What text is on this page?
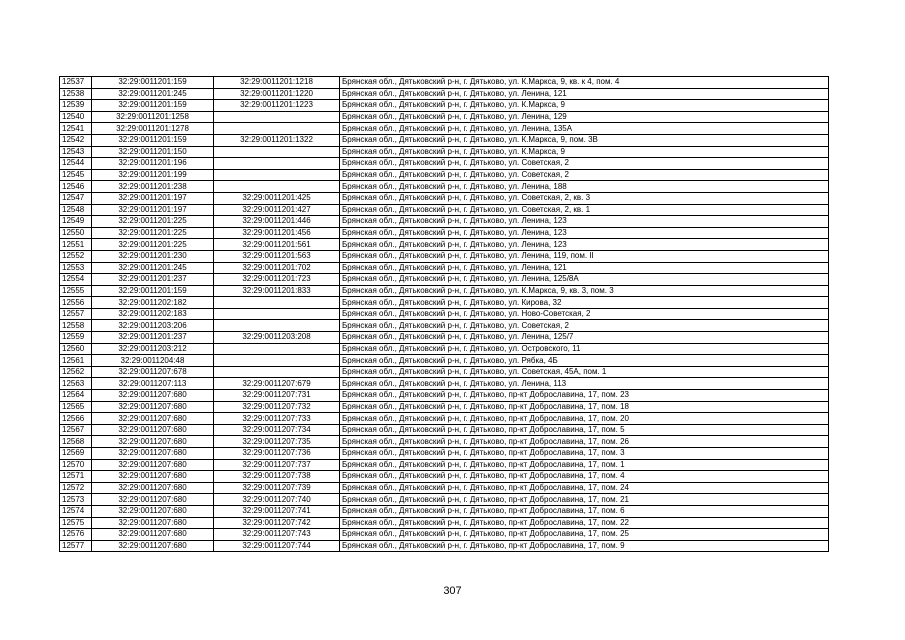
12537	32:29:0011201:159	32:29:0011201:1218	Брянская обл., Дятьковский р-н, г. Дятьково, ул. К.Маркса, 9, кв. к 4, пом. 4
12538	32:29:0011201:245	32:29:0011201:1220	Брянская обл., Дятьковский р-н, г. Дятьково, ул. Ленина, 121
12539	32:29:0011201:159	32:29:0011201:1223	Брянская обл., Дятьковский р-н, г. Дятьково, ул. К.Маркса, 9
12540	32:29:0011201:1258		Брянская обл., Дятьковский р-н, г. Дятьково, ул. Ленина, 129
12541	32:29:0011201:1278		Брянская обл., Дятьковский р-н, г. Дятьково, ул. Ленина, 135А
12542	32:29:0011201:159	32:29:0011201:1322	Брянская обл., Дятьковский р-н, г. Дятьково, ул. К.Маркса, 9, пом. 3В
12543	32:29:0011201:150		Брянская обл., Дятьковский р-н, г. Дятьково, ул. К.Маркса, 9
12544	32:29:0011201:196		Брянская обл., Дятьковский р-н, г. Дятьково, ул. Советская, 2
12545	32:29:0011201:199		Брянская обл., Дятьковский р-н, г. Дятьково, ул. Советская, 2
12546	32:29:0011201:238		Брянская обл., Дятьковский р-н, г. Дятьково, ул. Ленина, 188
12547	32:29:0011201:197	32:29:0011201:425	Брянская обл., Дятьковский р-н, г. Дятьково, ул. Советская, 2, кв. 3
12548	32:29:0011201:197	32:29:0011201:427	Брянская обл., Дятьковский р-н, г. Дятьково, ул. Советская, 2, кв. 1
12549	32:29:0011201:225	32:29:0011201:446	Брянская обл., Дятьковский р-н, г. Дятьково, ул. Ленина, 123
12550	32:29:0011201:225	32:29:0011201:456	Брянская обл., Дятьковский р-н, г. Дятьково, ул. Ленина, 123
12551	32:29:0011201:225	32:29:0011201:561	Брянская обл., Дятьковский р-н, г. Дятьково, ул. Ленина, 123
12552	32:29:0011201:230	32:29:0011201:563	Брянская обл., Дятьковский р-н, г. Дятьково, ул. Ленина, 119, пом. II
12553	32:29:0011201:245	32:29:0011201:702	Брянская обл., Дятьковский р-н, г. Дятьково, ул. Ленина, 121
12554	32:29:0011201:237	32:29:0011201:723	Брянская обл., Дятьковский р-н, г. Дятьково, ул. Ленина, 125/8А
12555	32:29:0011201:159	32:29:0011201:833	Брянская обл., Дятьковский р-н, г. Дятьково, ул. К.Маркса, 9, кв. 3, пом. 3
12556	32:29:0011202:182		Брянская обл., Дятьковский р-н, г. Дятьково, ул. Кирова, 32
12557	32:29:0011202:183		Брянская обл., Дятьковский р-н, г. Дятьково, ул. Ново-Советская, 2
12558	32:29:0011203:206		Брянская обл., Дятьковский р-н, г. Дятьково, ул. Советская, 2
12559	32:29:0011201:237	32:29:0011203:208	Брянская обл., Дятьковский р-н, г. Дятьково, ул. Ленина, 125/7
12560	32:29:0011203:212		Брянская обл., Дятьковский р-н, г. Дятьково, ул. Островского, 11
12561	32:29:0011204:48		Брянская обл., Дятьковский р-н, г. Дятьково, ул. Рябка, 4Б
12562	32:29:0011207:678		Брянская обл., Дятьковский р-н, г. Дятьково, ул. Советская, 45А, пом. 1
12563	32:29:0011207:113	32:29:0011207:679	Брянская обл., Дятьковский р-н, г. Дятьково, ул. Ленина, 113
12564	32:29:0011207:680	32:29:0011207:731	Брянская обл., Дятьковский р-н, г. Дятьково, пр-кт Доброславина, 17, пом. 23
12565	32:29:0011207:680	32:29:0011207:732	Брянская обл., Дятьковский р-н, г. Дятьково, пр-кт Доброславина, 17, пом. 18
12566	32:29:0011207:680	32:29:0011207:733	Брянская обл., Дятьковский р-н, г. Дятьково, пр-кт Доброславина, 17, пом. 20
12567	32:29:0011207:680	32:29:0011207:734	Брянская обл., Дятьковский р-н, г. Дятьково, пр-кт Доброславина, 17, пом. 5
12568	32:29:0011207:680	32:29:0011207:735	Брянская обл., Дятьковский р-н, г. Дятьково, пр-кт Доброславина, 17, пом. 26
12569	32:29:0011207:680	32:29:0011207:736	Брянская обл., Дятьковский р-н, г. Дятьково, пр-кт Доброславина, 17, пом. 3
12570	32:29:0011207:680	32:29:0011207:737	Брянская обл., Дятьковский р-н, г. Дятьково, пр-кт Доброславина, 17, пом. 1
12571	32:29:0011207:680	32:29:0011207:738	Брянская обл., Дятьковский р-н, г. Дятьково, пр-кт Доброславина, 17, пом. 4
12572	32:29:0011207:680	32:29:0011207:739	Брянская обл., Дятьковский р-н, г. Дятьково, пр-кт Доброславина, 17, пом. 24
12573	32:29:0011207:680	32:29:0011207:740	Брянская обл., Дятьковский р-н, г. Дятьково, пр-кт Доброславина, 17, пом. 21
12574	32:29:0011207:680	32:29:0011207:741	Брянская обл., Дятьковский р-н, г. Дятьково, пр-кт Доброславина, 17, пом. 6
12575	32:29:0011207:680	32:29:0011207:742	Брянская обл., Дятьковский р-н, г. Дятьково, пр-кт Доброславина, 17, пом. 22
12576	32:29:0011207:680	32:29:0011207:743	Брянская обл., Дятьковский р-н, г. Дятьково, пр-кт Доброславина, 17, пом. 25
12577	32:29:0011207:680	32:29:0011207:744	Брянская обл., Дятьковский р-н, г. Дятьково, пр-кт Доброславина, 17, пом. 9
307
